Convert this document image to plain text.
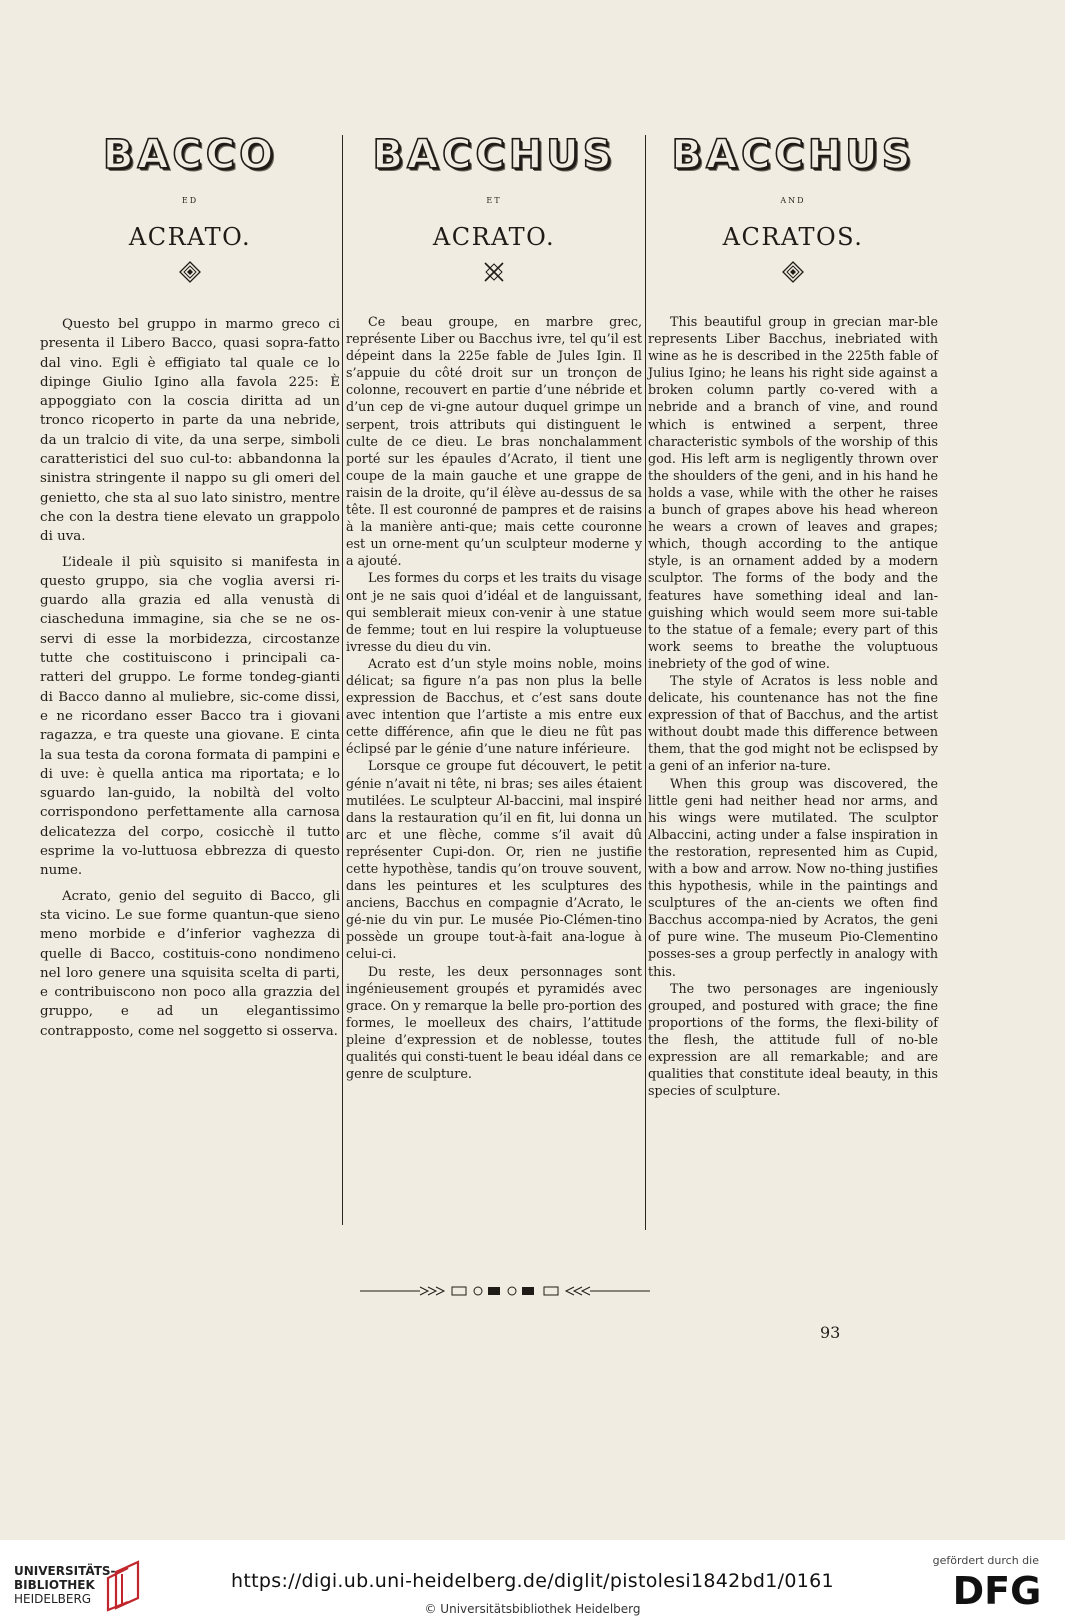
BACCO
ED
ACRATO.

Questo bel gruppo in marmo greco ci presenta il Libero Bacco, quasi sopra-fatto dal vino. Egli è effigiato tal quale ce lo dipinge Giulio Igino alla favola 225: È appoggiato con la coscia diritta ad un tronco ricoperto in parte da una nebride, da un tralcio di vite, da una serpe, simboli caratteristici del suo cul-to: abbandonna la sinistra stringente il nappo su gli omeri del genietto, che sta al suo lato sinistro, mentre che con la destra tiene elevato un grappolo di uva.

L’ideale il più squisito si manifesta in questo gruppo, sia che voglia aversi ri-guardo alla grazia ed alla venustà di ciascheduna immagine, sia che se ne os-servi di esse la morbidezza, circostanze tutte che costituiscono i principali ca-ratteri del gruppo. Le forme tondeg-gianti di Bacco danno al muliebre, sic-come dissi, e ne ricordano esser Bacco tra i giovani ragazza, e tra queste una giovane. E cinta la sua testa da corona formata di pampini e di uve: è quella antica ma riportata; e lo sguardo lan-guido, la nobiltà del volto corrispondono perfettamente alla carnosa delicatezza del corpo, cosicchè il tutto esprime la vo-luttuosa ebbrezza di questo nume.

Acrato, genio del seguito di Bacco, gli sta vicino. Le sue forme quantun-que sieno meno morbide e d’inferior vaghezza di quelle di Bacco, costituis-cono nondimeno nel loro genere una squisita scelta di parti, e contribuiscono non poco alla grazzia del gruppo, e ad un elegantissimo contrapposto, come nel soggetto si osserva.

BACCHUS
ET
ACRATO.

Ce beau groupe, en marbre grec, représente Liber ou Bacchus ivre, tel qu’il est dépeint dans la 225e fable de Jules Igin. Il s’appuie du côté droit sur un tronçon de colonne, recouvert en partie d’une nébride et d’un cep de vi-gne autour duquel grimpe un serpent, trois attributs qui distinguent le culte de ce dieu. Le bras nonchalamment porté sur les épaules d’Acrato, il tient une coupe de la main gauche et une grappe de raisin de la droite, qu’il élève au-dessus de sa tête. Il est couronné de pampres et de raisins à la manière anti-que; mais cette couronne est un orne-ment qu’un sculpteur moderne y a ajouté.

Les formes du corps et les traits du visage ont je ne sais quoi d’idéal et de languissant, qui semblerait mieux con-venir à une statue de femme; tout en lui respire la voluptueuse ivresse du dieu du vin.

Acrato est d’un style moins noble, moins délicat; sa figure n’a pas non plus la belle expression de Bacchus, et c’est sans doute avec intention que l’artiste a mis entre eux cette différence, afin que le dieu ne fût pas éclipsé par le génie d’une nature inférieure.

Lorsque ce groupe fut découvert, le petit génie n’avait ni tête, ni bras; ses ailes étaient mutilées. Le sculpteur Al-baccini, mal inspiré dans la restauration qu’il en fit, lui donna un arc et une flèche, comme s’il avait dû représenter Cupi-don. Or, rien ne justifie cette hypothèse, tandis qu’on trouve souvent, dans les peintures et les sculptures des anciens, Bacchus en compagnie d’Acrato, le gé-nie du vin pur. Le musée Pio-Clémen-tino possède un groupe tout-à-fait ana-logue à celui-ci.

Du reste, les deux personnages sont ingénieusement groupés et pyramidés avec grace. On y remarque la belle pro-portion des formes, le moelleux des chairs, l’attitude pleine d’expression et de noblesse, toutes qualités qui consti-tuent le beau idéal dans ce genre de sculpture.

BACCHUS
AND
ACRATOS.

This beautiful group in grecian mar-ble represents Liber Bacchus, inebriated with wine as he is described in the 225th fable of Julius Igino; he leans his right side against a broken column partly co-vered with a nebride and a branch of vine, and round which is entwined a serpent, three characteristic symbols of the worship of this god. His left arm is negligently thrown over the shoulders of the geni, and in his hand he holds a vase, while with the other he raises a bunch of grapes above his head whereon he wears a crown of leaves and grapes; which, though according to the antique style, is an ornament added by a modern sculptor. The forms of the body and the features have something ideal and lan-guishing which would seem more sui-table to the statue of a female; every part of this work seems to breathe the voluptuous inebriety of the god of wine.

The style of Acratos is less noble and delicate, his countenance has not the fine expression of that of Bacchus, and the artist without doubt made this difference between them, that the god might not be eclispsed by a geni of an inferior na-ture.

When this group was discovered, the little geni had neither head nor arms, and his wings were mutilated. The sculptor Albaccini, acting under a false inspiration in the restoration, represented him as Cupid, with a bow and arrow. Now no-thing justifies this hypothesis, while in the paintings and sculptures of the an-cients we often find Bacchus accompa-nied by Acratos, the geni of pure wine. The museum Pio-Clementino posses-ses a group perfectly in analogy with this.

The two personages are ingeniously grouped, and postured with grace; the fine proportions of the forms, the flexi-bility of the flesh, the attitude full of no-ble expression are all remarkable; and are qualities that constitute ideal beauty, in this species of sculpture.

93
UNIVERSITÄTS-
BIBLIOTHEK
HEIDELBERG
https://digi.ub.uni-heidelberg.de/diglit/pistolesi1842bd1/0161
© Universitätsbibliothek Heidelberg
gefördert durch die
DFG
